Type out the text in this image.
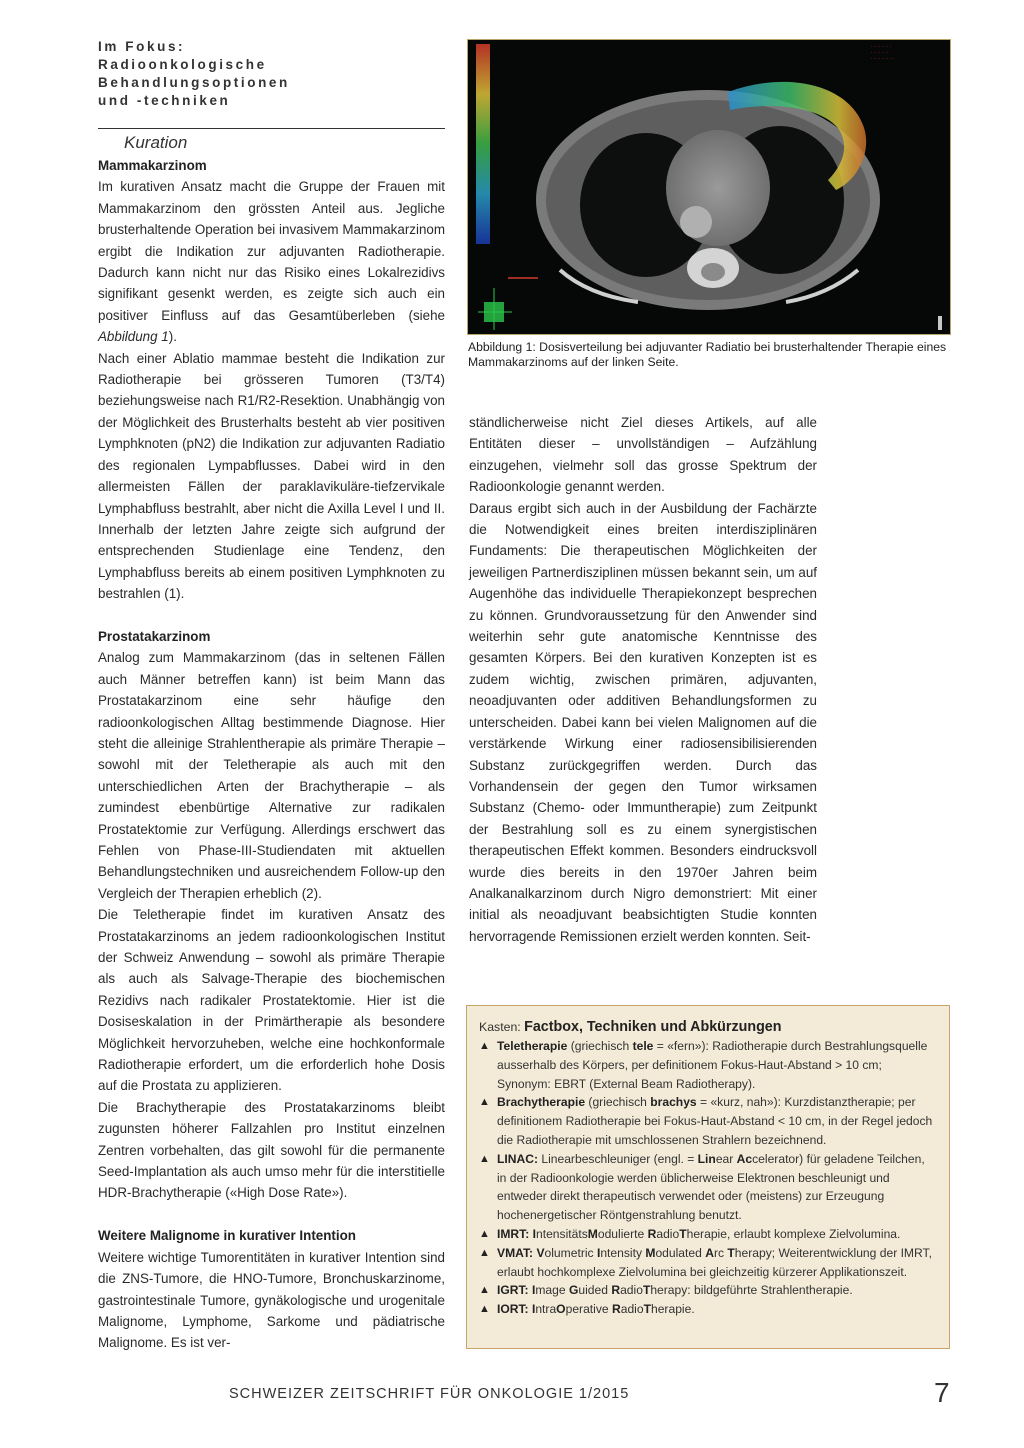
Im Fokus:
Radioonkologische Behandlungsoptionen
und -techniken
Kuration
Mammakarzinom

Im kurativen Ansatz macht die Gruppe der Frauen mit Mammakarzinom den grössten Anteil aus. Jegliche brusterhaltende Operation bei invasivem Mammakarzinom ergibt die Indikation zur adjuvanten Radiotherapie. Dadurch kann nicht nur das Risiko eines Lokalrezidivs signifikant gesenkt werden, es zeigte sich auch ein positiver Einfluss auf das Gesamtüberleben (siehe Abbildung 1).

Nach einer Ablatio mammae besteht die Indikation zur Radiotherapie bei grösseren Tumoren (T3/T4) beziehungsweise nach R1/R2-Resektion. Unabhängig von der Möglichkeit des Brusterhalts besteht ab vier positiven Lymphknoten (pN2) die Indikation zur adjuvanten Radiatio des regionalen Lympabflusses. Dabei wird in den allermeisten Fällen der paraklavikuläre-tiefzervikale Lymphabfluss bestrahlt, aber nicht die Axilla Level I und II. Innerhalb der letzten Jahre zeigte sich aufgrund der entsprechenden Studienlage eine Tendenz, den Lymphabfluss bereits ab einem positiven Lymphknoten zu bestrahlen (1).

Prostatakarzinom

Analog zum Mammakarzinom (das in seltenen Fällen auch Männer betreffen kann) ist beim Mann das Prostatakarzinom eine sehr häufige den radioonkologischen Alltag bestimmende Diagnose. Hier steht die alleinige Strahlentherapie als primäre Therapie – sowohl mit der Teletherapie als auch mit den unterschiedlichen Arten der Brachytherapie – als zumindest ebenbürtige Alternative zur radikalen Prostatektomie zur Verfügung. Allerdings erschwert das Fehlen von Phase-III-Studiendaten mit aktuellen Behandlungstechniken und ausreichendem Follow-up den Vergleich der Therapien erheblich (2).

Die Teletherapie findet im kurativen Ansatz des Prostatakarzinoms an jedem radioonkologischen Institut der Schweiz Anwendung – sowohl als primäre Therapie als auch als Salvage-Therapie des biochemischen Rezidivs nach radikaler Prostatektomie. Hier ist die Dosiseskalation in der Primärtherapie als besondere Möglichkeit hervorzuheben, welche eine hochkonformale Radiotherapie erfordert, um die erforderlich hohe Dosis auf die Prostata zu applizieren.

Die Brachytherapie des Prostatakarzinoms bleibt zugunsten höherer Fallzahlen pro Institut einzelnen Zentren vorbehalten, das gilt sowohl für die permanente Seed-Implantation als auch umso mehr für die interstitielle HDR-Brachytherapie («High Dose Rate»).

Weitere Malignome in kurativer Intention

Weitere wichtige Tumorentitäten in kurativer Intention sind die ZNS-Tumore, die HNO-Tumore, Bronchuskarzinome, gastrointestinale Tumore, gynäkologische und urogenitale Malignome, Lymphome, Sarkome und pädiatrische Malignome. Es ist ver-

········
·······
·········
Abbildung 1: Dosisverteilung bei adjuvanter Radiatio bei brusterhaltender Therapie eines Mammakarzinoms auf der linken Seite.

ständlicherweise nicht Ziel dieses Artikels, auf alle Entitäten dieser – unvollständigen – Aufzählung einzugehen, vielmehr soll das grosse Spektrum der Radioonkologie genannt werden.

Daraus ergibt sich auch in der Ausbildung der Fachärzte die Notwendigkeit eines breiten interdisziplinären Fundaments: Die therapeutischen Möglichkeiten der jeweiligen Partnerdisziplinen müssen bekannt sein, um auf Augenhöhe das individuelle Therapiekonzept besprechen zu können. Grundvoraussetzung für den Anwender sind weiterhin sehr gute anatomische Kenntnisse des gesamten Körpers. Bei den kurativen Konzepten ist es zudem wichtig, zwischen primären, adjuvanten, neoadjuvanten oder additiven Behandlungsformen zu unterscheiden. Dabei kann bei vielen Malignomen auf die verstärkende Wirkung einer radiosensibilisierenden Substanz zurückgegriffen werden. Durch das Vorhandensein der gegen den Tumor wirksamen Substanz (Chemo- oder Immuntherapie) zum Zeitpunkt der Bestrahlung soll es zu einem synergistischen therapeutischen Effekt kommen. Besonders eindrucksvoll wurde dies bereits in den 1970er Jahren beim Analkanalkarzinom durch Nigro demonstriert: Mit einer initial als neoadjuvant beabsichtigten Studie konnten hervorragende Remissionen erzielt werden konnten. Seit-

Kasten: Factbox, Techniken und Abkürzungen
▲ Teletherapie (griechisch tele = «fern»): Radiotherapie durch Bestrahlungsquelle ausserhalb des Körpers, per definitionem Fokus-Haut-Abstand > 10 cm; Synonym: EBRT (External Beam Radiotherapy).
▲ Brachytherapie (griechisch brachys = «kurz, nah»): Kurzdistanztherapie; per definitionem Radiotherapie bei Fokus-Haut-Abstand < 10 cm, in der Regel jedoch die Radiotherapie mit umschlossenen Strahlern bezeichnend.
▲ LINAC: Linearbeschleuniger (engl. = Linear Accelerator) für geladene Teilchen, in der Radioonkologie werden üblicherweise Elektronen beschleunigt und entweder direkt therapeutisch verwendet oder (meistens) zur Erzeugung hochenergetischer Röntgenstrahlung benutzt.
▲ IMRT: IntensitätsModulierte RadioTherapie, erlaubt komplexe Zielvolumina.
▲ VMAT: Volumetric Intensity Modulated Arc Therapy; Weiterentwicklung der IMRT, erlaubt hochkomplexe Zielvolumina bei gleichzeitig kürzerer Applikationszeit.
▲ IGRT: Image Guided RadioTherapy: bildgeführte Strahlentherapie.
▲ IORT: IntraOperative RadioTherapie.
SCHWEIZER ZEITSCHRIFT FÜR ONKOLOGIE 1/2015	7
